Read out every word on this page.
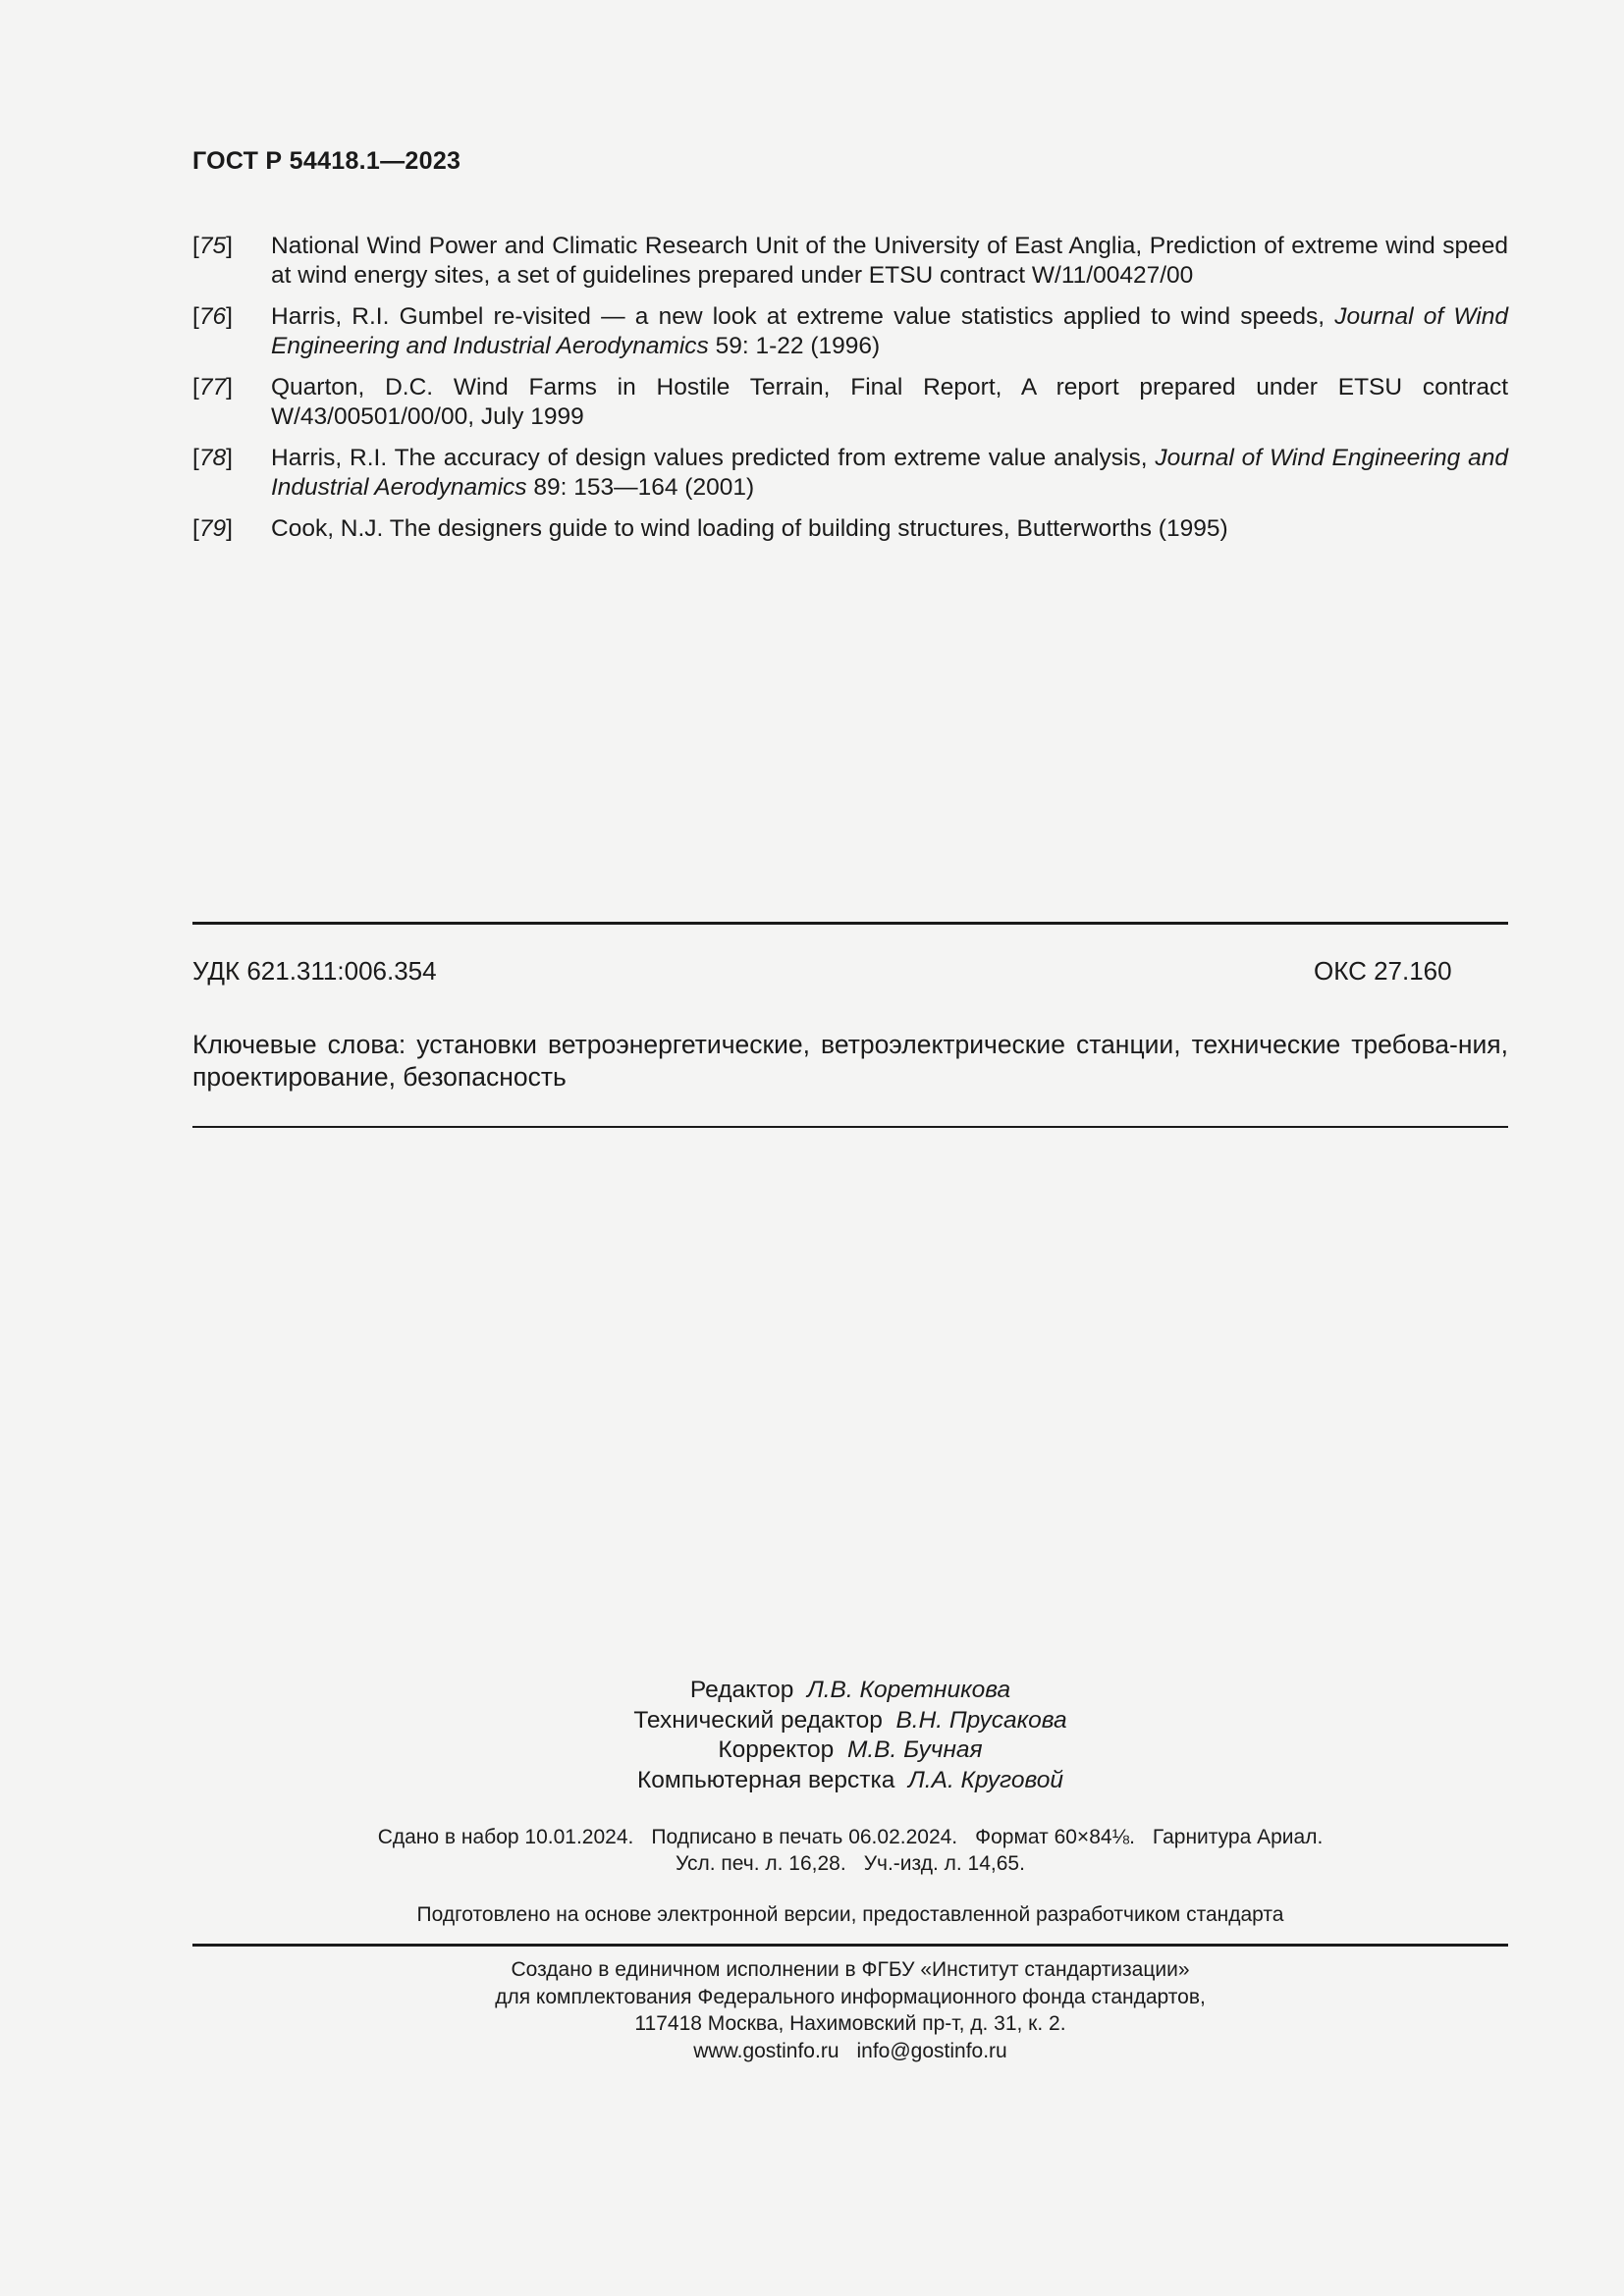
ГОСТ Р 54418.1—2023
[75]	National Wind Power and Climatic Research Unit of the University of East Anglia, Prediction of extreme wind speed at wind energy sites, a set of guidelines prepared under ETSU contract W/11/00427/00
[76]	Harris, R.I. Gumbel re-visited — a new look at extreme value statistics applied to wind speeds, Journal of Wind Engineering and Industrial Aerodynamics 59: 1-22 (1996)
[77]	Quarton, D.C. Wind Farms in Hostile Terrain, Final Report, A report prepared under ETSU contract W/43/00501/00/00, July 1999
[78]	Harris, R.I. The accuracy of design values predicted from extreme value analysis, Journal of Wind Engineering and Industrial Aerodynamics 89: 153—164 (2001)
[79]	Cook, N.J. The designers guide to wind loading of building structures, Butterworths (1995)
УДК 621.311:006.354	ОКС 27.160
Ключевые слова: установки ветроэнергетические, ветроэлектрические станции, технические требова-ния, проектирование, безопасность
Редактор Л.В. Коретникова
Технический редактор В.Н. Прусакова
Корректор М.В. Бучная
Компьютерная верстка Л.А. Круговой
Сдано в набор 10.01.2024. Подписано в печать 06.02.2024. Формат 60×84⅛. Гарнитура Ариал.
Усл. печ. л. 16,28. Уч.-изд. л. 14,65.
Подготовлено на основе электронной версии, предоставленной разработчиком стандарта
Создано в единичном исполнении в ФГБУ «Институт стандартизации»
для комплектования Федерального информационного фонда стандартов,
117418 Москва, Нахимовский пр-т, д. 31, к. 2.
www.gostinfo.ru info@gostinfo.ru
